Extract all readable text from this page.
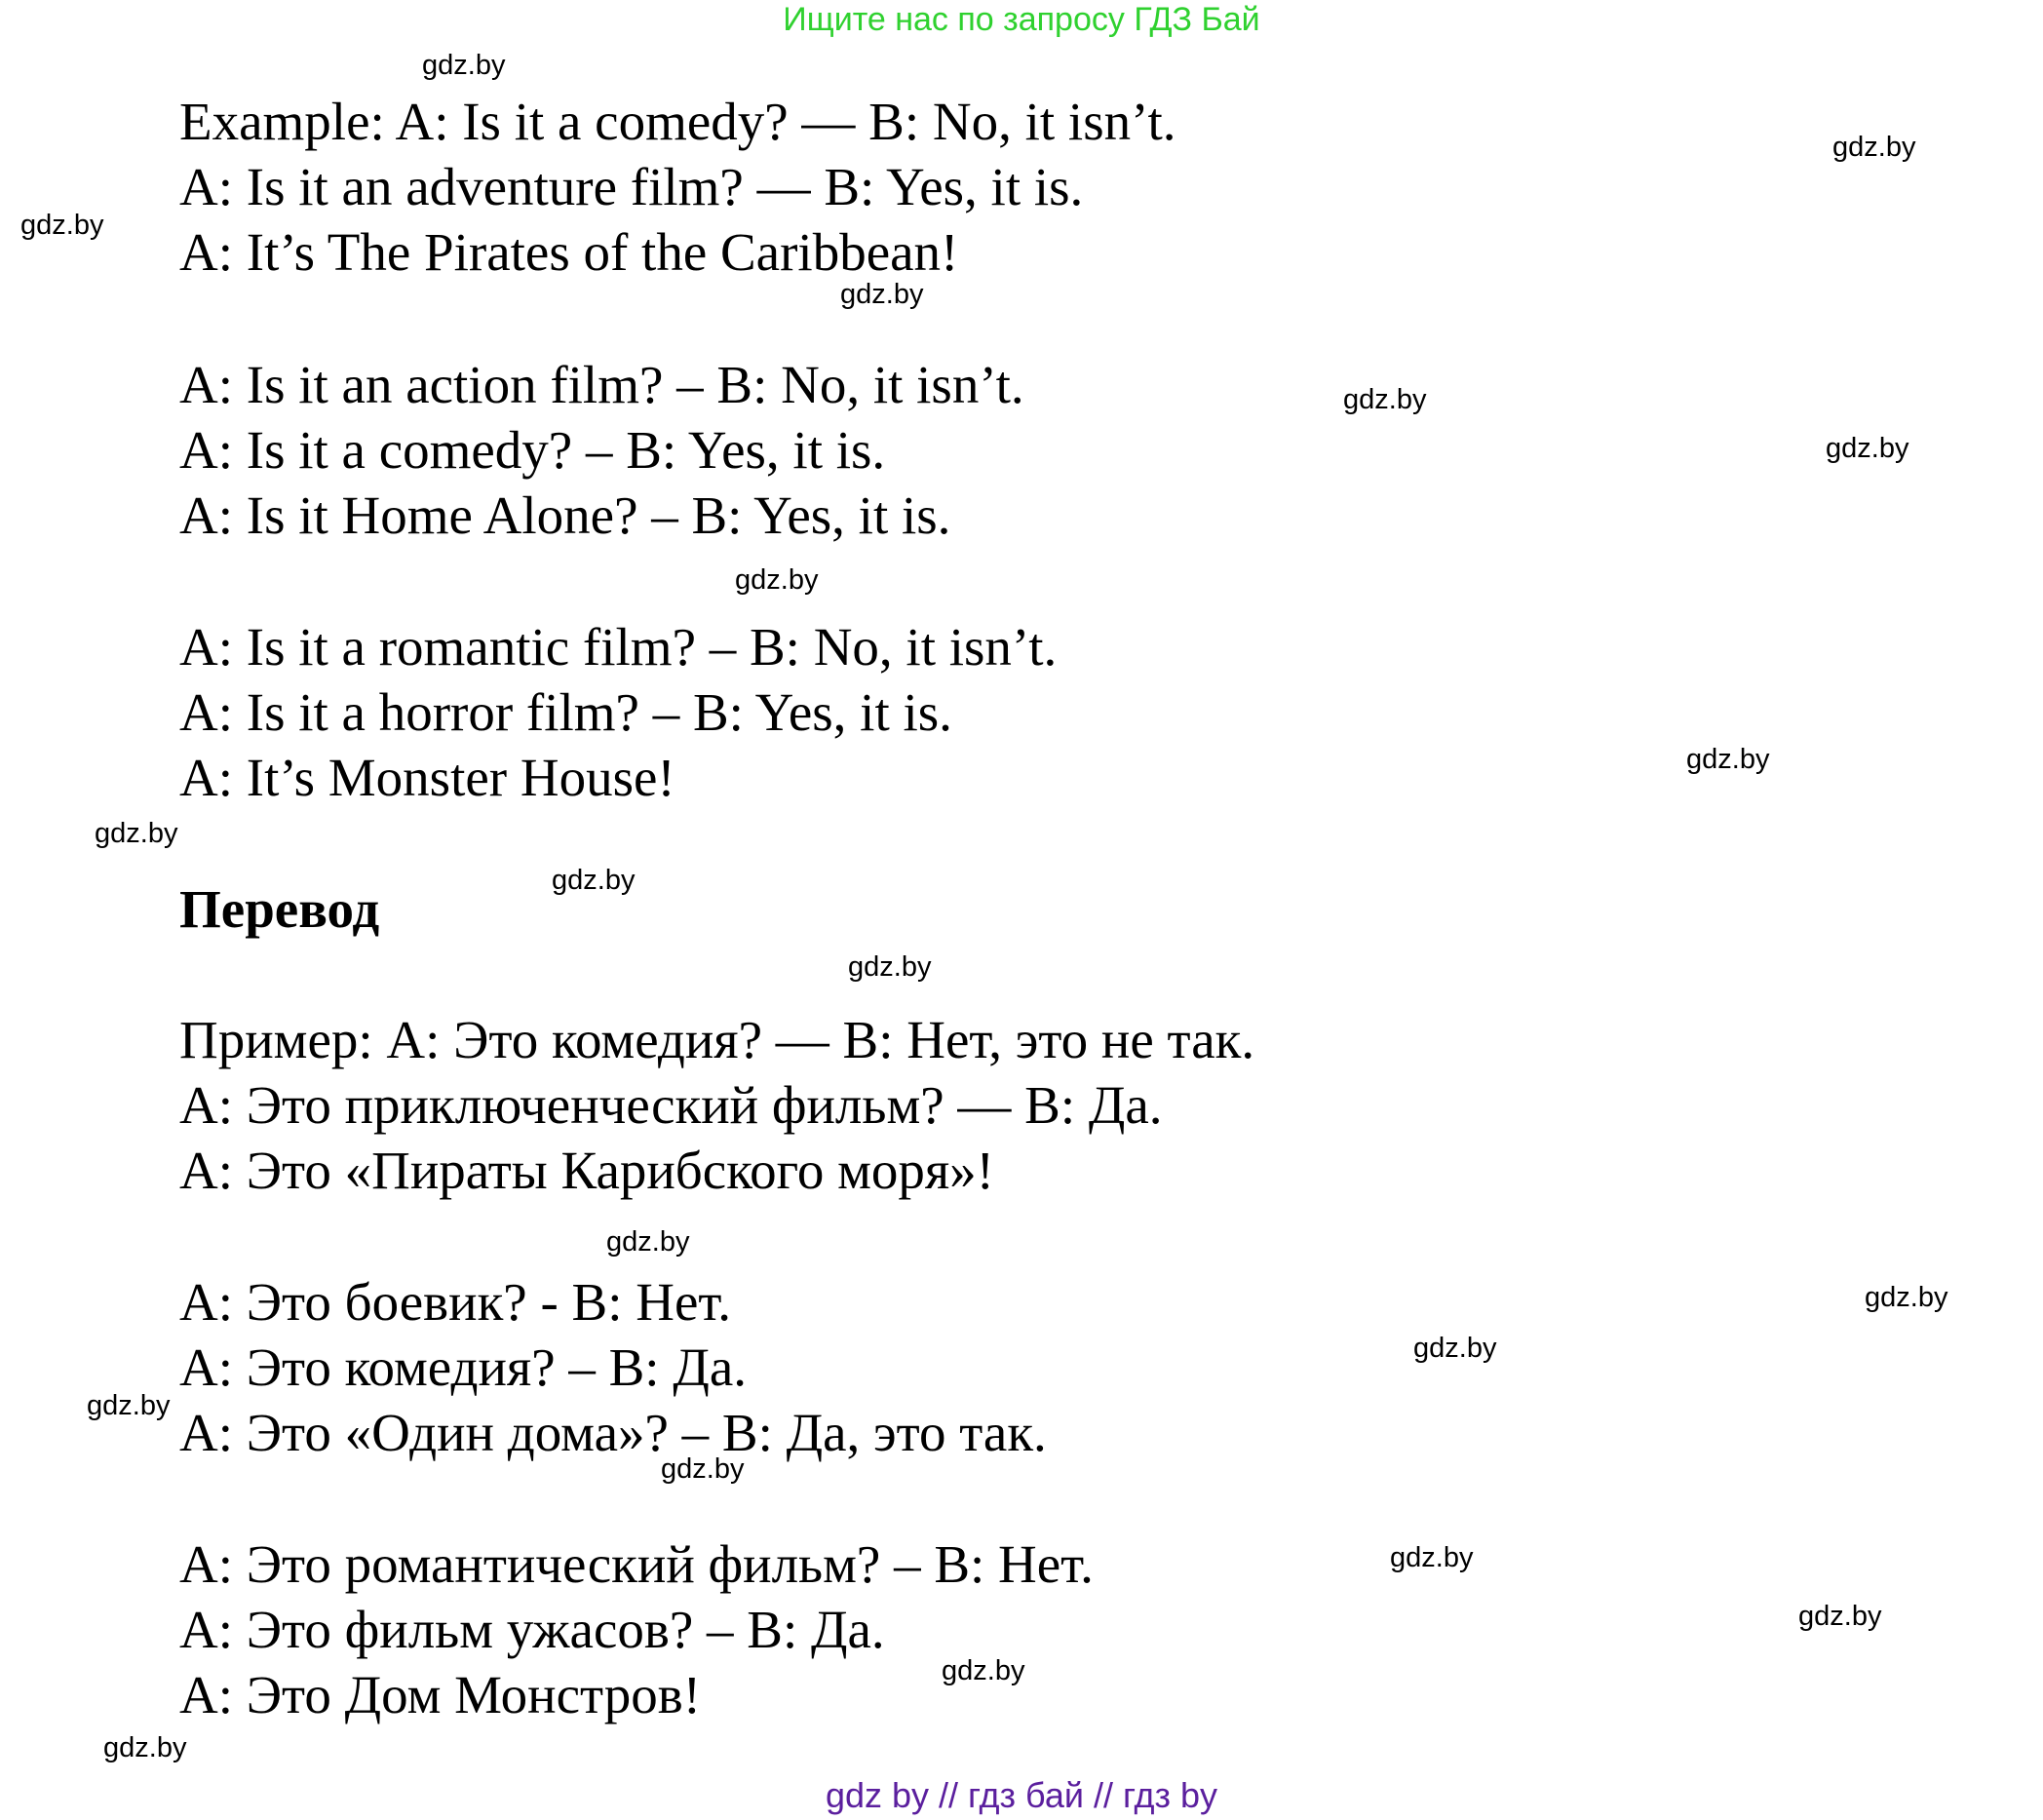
Ищите нас по запросу ГДЗ Бай
Example: A: Is it a comedy? — B: No, it isn’t.
A: Is it an adventure film? — B: Yes, it is.
A: It’s The Pirates of the Caribbean!
A: Is it an action film? – B: No, it isn’t.
A: Is it a comedy? – B: Yes, it is.
A: Is it Home Alone? – B: Yes, it is.
A: Is it a romantic film? – B: No, it isn’t.
A: Is it a horror film? – B: Yes, it is.
A: It’s Monster House!
Перевод
Пример: А: Это комедия? — В: Нет, это не так.
А: Это приключенческий фильм? — В: Да.
А: Это «Пираты Карибского моря»!
А: Это боевик? - В: Нет.
А: Это комедия? – В: Да.
А: Это «Один дома»? – В: Да, это так.
А: Это романтический фильм? – В: Нет.
А: Это фильм ужасов? – В: Да.
А: Это Дом Монстров!
gdz.by
gdz.by
gdz.by
gdz.by
gdz.by
gdz.by
gdz.by
gdz.by
gdz.by
gdz.by
gdz.by
gdz.by
gdz.by
gdz.by
gdz.by
gdz.by
gdz.by
gdz.by
gdz.by
gdz.by
gdz by // гдз бай // гдз by
